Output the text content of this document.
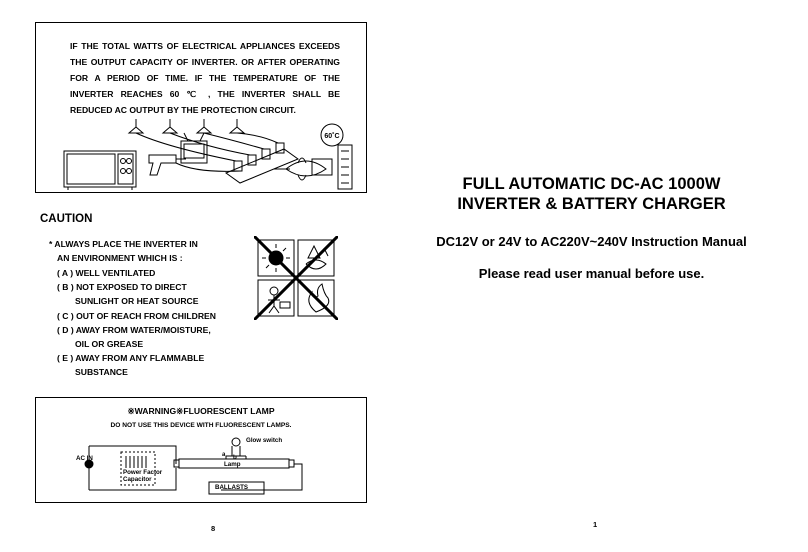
IF THE TOTAL WATTS OF ELECTRICAL APPLIANCES EXCEEDS
THE OUTPUT CAPACITY OF INVERTER. OR AFTER OPERATING
FOR A PERIOD OF TIME. IF THE TEMPERATURE OF THE
INVERTER REACHES 60 ℃ , THE INVERTER SHALL BE
REDUCED AC OUTPUT BY THE PROTECTION CIRCUIT.
60˚C
CAUTION
* ALWAYS PLACE THE INVERTER IN
AN ENVIRONMENT WHICH IS :
( A ) WELL VENTILATED
( B ) NOT EXPOSED TO DIRECT
SUNLIGHT OR HEAT SOURCE
( C ) OUT OF REACH FROM CHILDREN
( D ) AWAY FROM WATER/MOISTURE,
OIL OR GREASE
( E ) AWAY FROM ANY FLAMMABLE
SUBSTANCE
※WARNING※FLUORESCENT LAMP
DO NOT USE THIS DEVICE WITH FLUORESCENT LAMPS.
Glow switch
a b
AC IN
Lamp
Power Factor
Capacitor
BALLASTS
8
FULL AUTOMATIC DC-AC 1000W
INVERTER & BATTERY CHARGER
DC12V or 24V to AC220V~240V Instruction Manual
Please read user manual before use.
1
